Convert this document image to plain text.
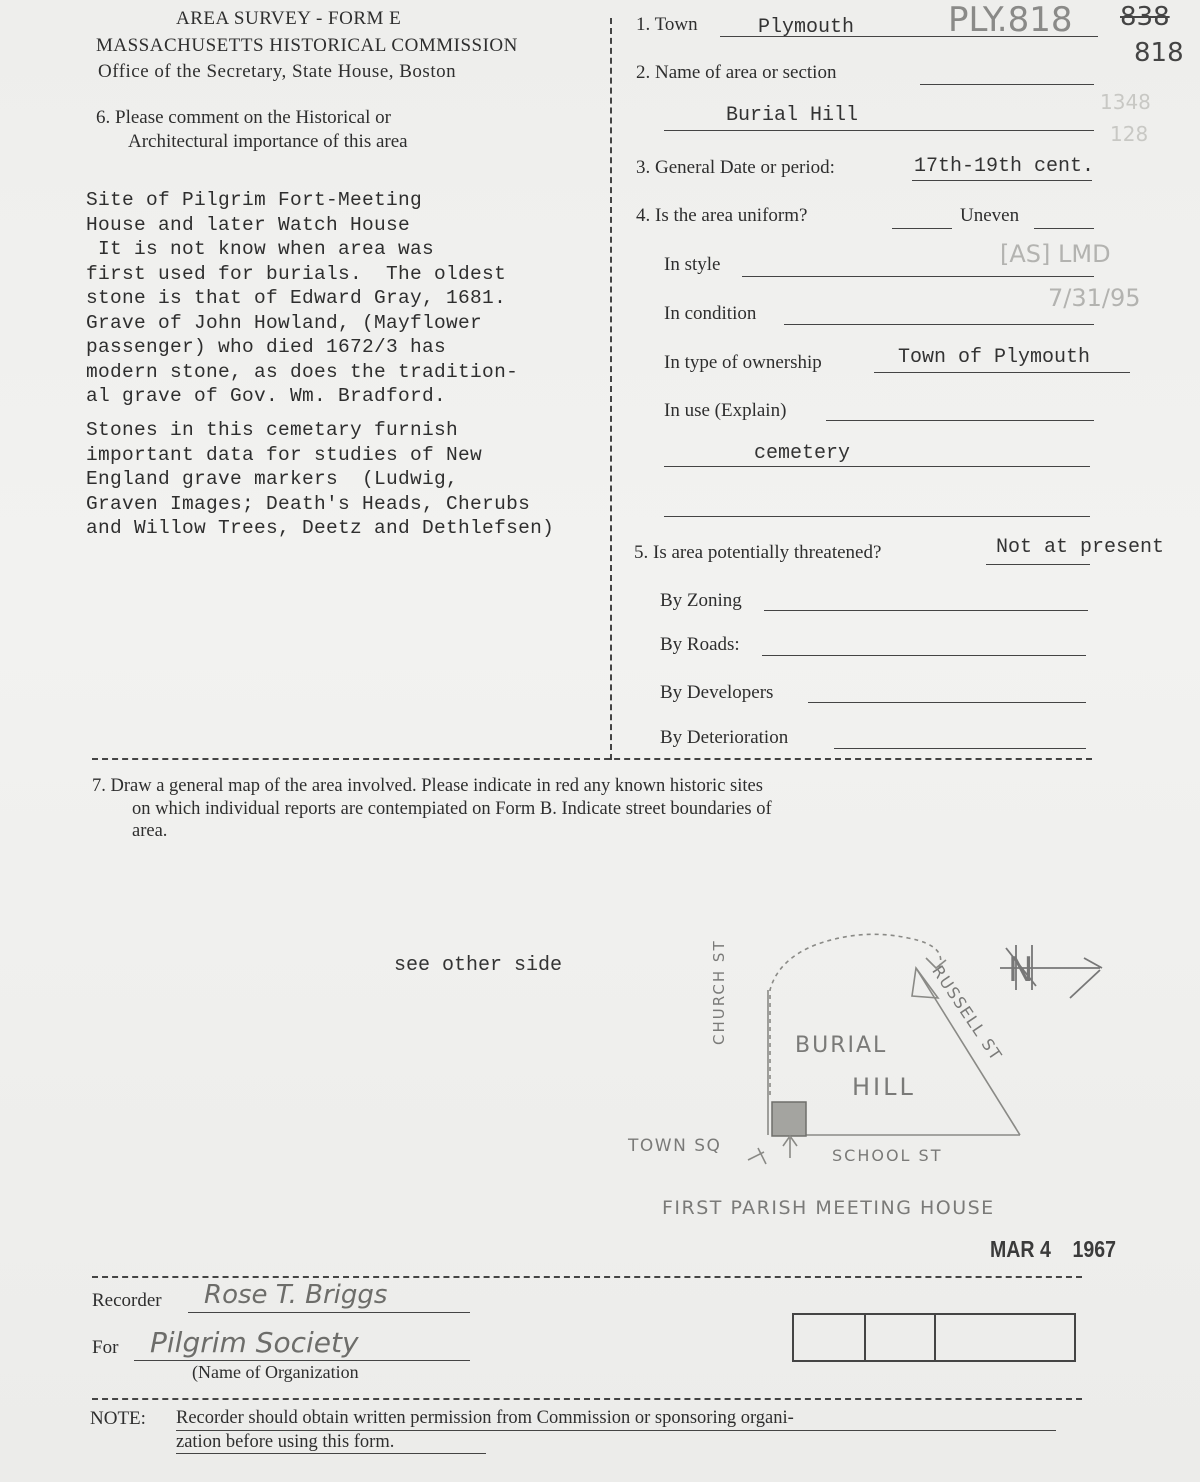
AREA SURVEY - FORM E
MASSACHUSETTS HISTORICAL COMMISSION
Office of the Secretary, State House, Boston
PLY.818 838
818
1348
128
[AS] LMD
7/31/95
6. Please comment on the Historical or
Architectural importance of this area
Site of Pilgrim Fort-Meeting
House and later Watch House
It is not know when area was
first used for burials.  The oldest
stone is that of Edward Gray, 1681.
Grave of John Howland, (Mayflower
passenger) who died 1672/3 has
modern stone, as does the tradition-
al grave of Gov. Wm. Bradford.
Stones in this cemetary furnish
important data for studies of New
England grave markers  (Ludwig,
Graven Images; Death's Heads, Cherubs
and Willow Trees, Deetz and Dethlefsen)
1. Town	Plymouth
2. Name of area or section
Burial Hill
3. General Date or period:	17th-19th cent.
4. Is the area uniform?	Uneven
In style
In condition
In type of ownership	Town of Plymouth
In use (Explain)
cemetery
5. Is area potentially threatened?	Not at present
By Zoning
By Roads:
By Developers
By Deterioration
7. Draw a general map of the area involved. Please indicate in red any known historic sites
on which individual reports are contempiated on Form B. Indicate street boundaries of
area.
see other side	N
CHURCH ST
BURIAL
HILL
RUSSELL ST
TOWN SQ	SCHOOL ST
FIRST PARISH MEETING HOUSE
MAR 4    1967
Recorder Rose T. Briggs
For Pilgrim Society
(Name of Organization
NOTE: Recorder should obtain written permission from Commission or sponsoring organi-
zation before using this form.
